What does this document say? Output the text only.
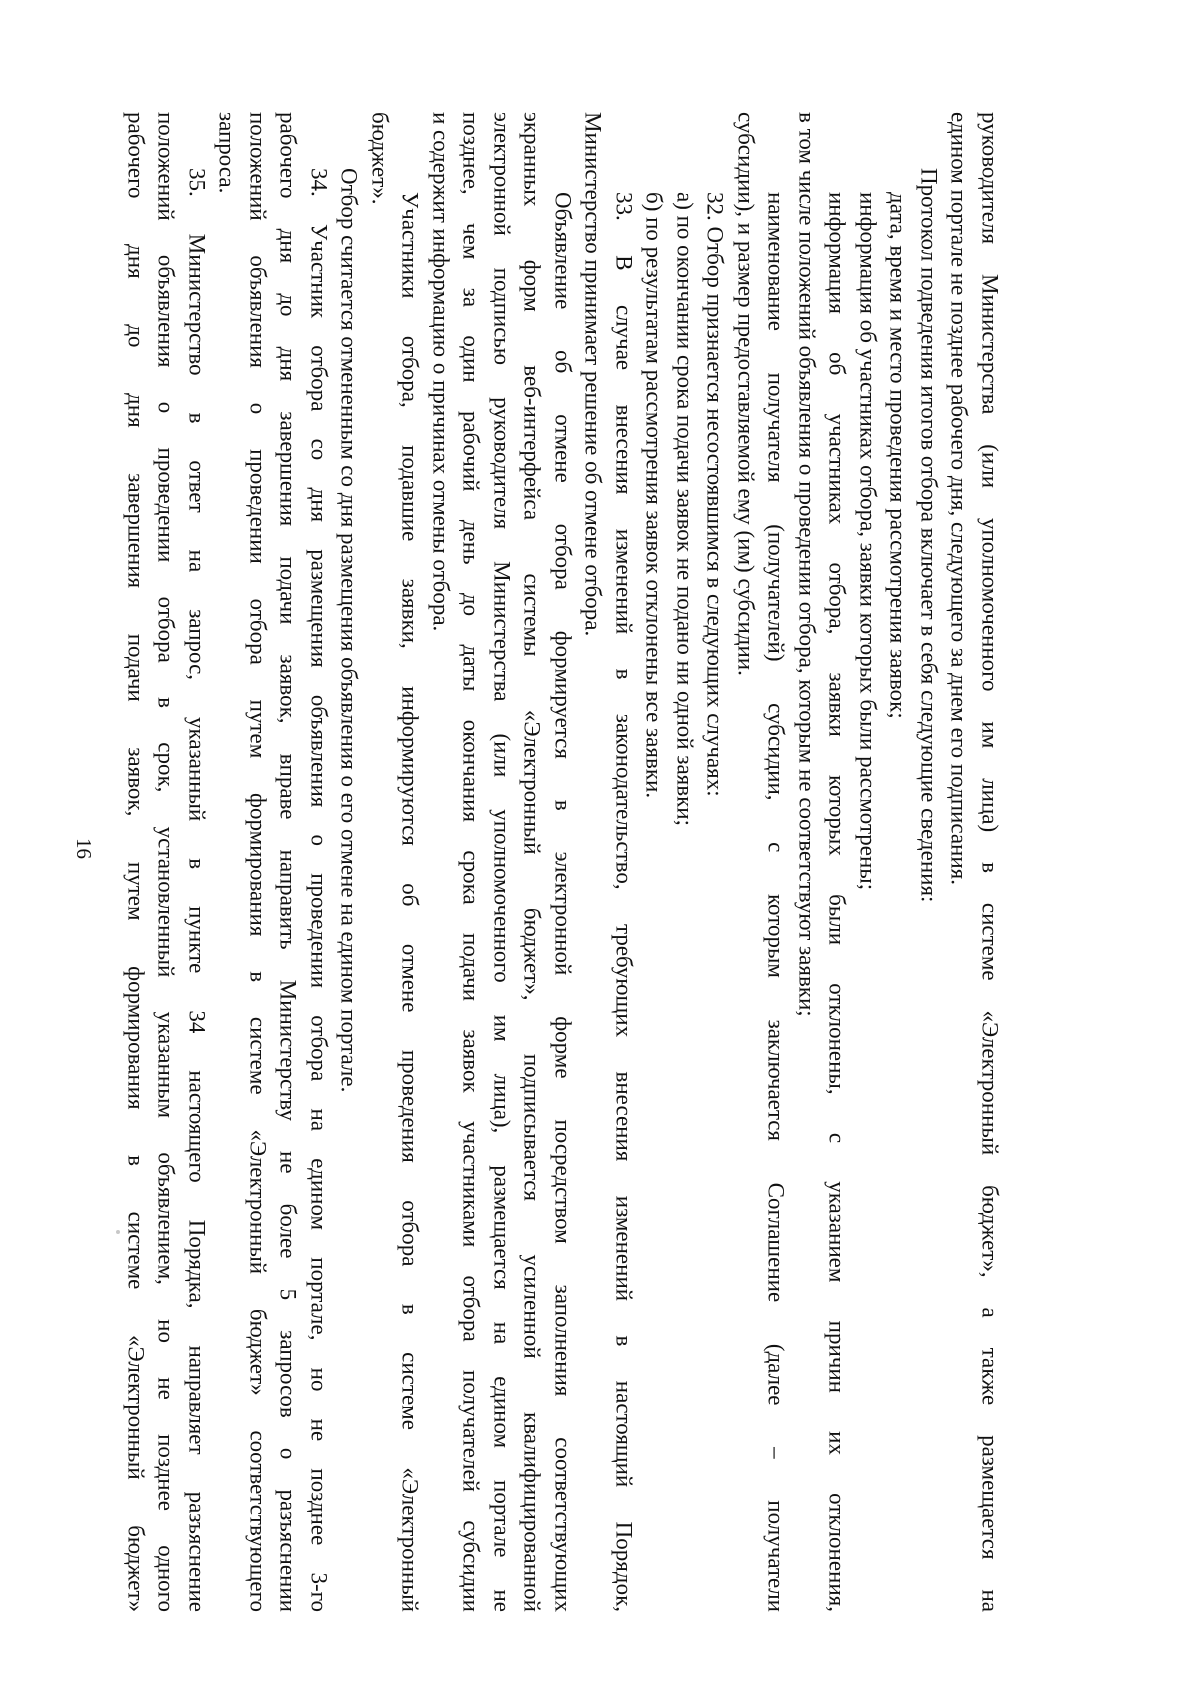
16	руководителя Министерства (или уполномоченного им лица) в системе «Электронный бюджет», а также размещается на
едином портале не позднее рабочего дня, следующего за днем его подписания.
Протокол подведения итогов отбора включает в себя следующие сведения:
дата, время и место проведения рассмотрения заявок;
информация об участниках отбора, заявки которых были рассмотрены;
информация об участниках отбора, заявки которых были отклонены, с указанием причин их отклонения,
в том числе положений объявления о проведении отбора, которым не соответствуют заявки;
наименование получателя (получателей) субсидии, с которым заключается Соглашение (далее – получатели
субсидии), и размер предоставляемой ему (им) субсидии.
32. Отбор признается несостоявшимся в следующих случаях:
а) по окончании срока подачи заявок не подано ни одной заявки;
б) по результатам рассмотрения заявок отклонены все заявки.
33. В случае внесения изменений в законодательство, требующих внесения изменений в настоящий Порядок,
Министерство принимает решение об отмене отбора.
Объявление об отмене отбора формируется в электронной форме посредством заполнения соответствующих
экранных форм веб-интерфейса системы «Электронный бюджет», подписывается усиленной квалифицированной
электронной подписью руководителя Министерства (или уполномоченного им лица), размещается на едином портале не
позднее, чем за один рабочий день до даты окончания срока подачи заявок участниками отбора получателей субсидии
и содержит информацию о причинах отмены отбора.
Участники отбора, подавшие заявки, информируются об отмене проведения отбора в системе «Электронный
бюджет».
Отбор считается отмененным со дня размещения объявления о его отмене на едином портале.
34. Участник отбора со дня размещения объявления о проведении отбора на едином портале, но не позднее 3-го
рабочего дня до дня завершения подачи заявок, вправе направить Министерству не более 5 запросов о разъяснении
положений объявления о проведении отбора путем формирования в системе «Электронный бюджет» соответствующего
запроса.
35. Министерство в ответ на запрос, указанный в пункте 34 настоящего Порядка, направляет разъяснение
положений объявления о проведении отбора в срок, установленный указанным объявлением, но не позднее одного
рабочего дня до дня завершения подачи заявок, путем формирования в системе «Электронный бюджет»
